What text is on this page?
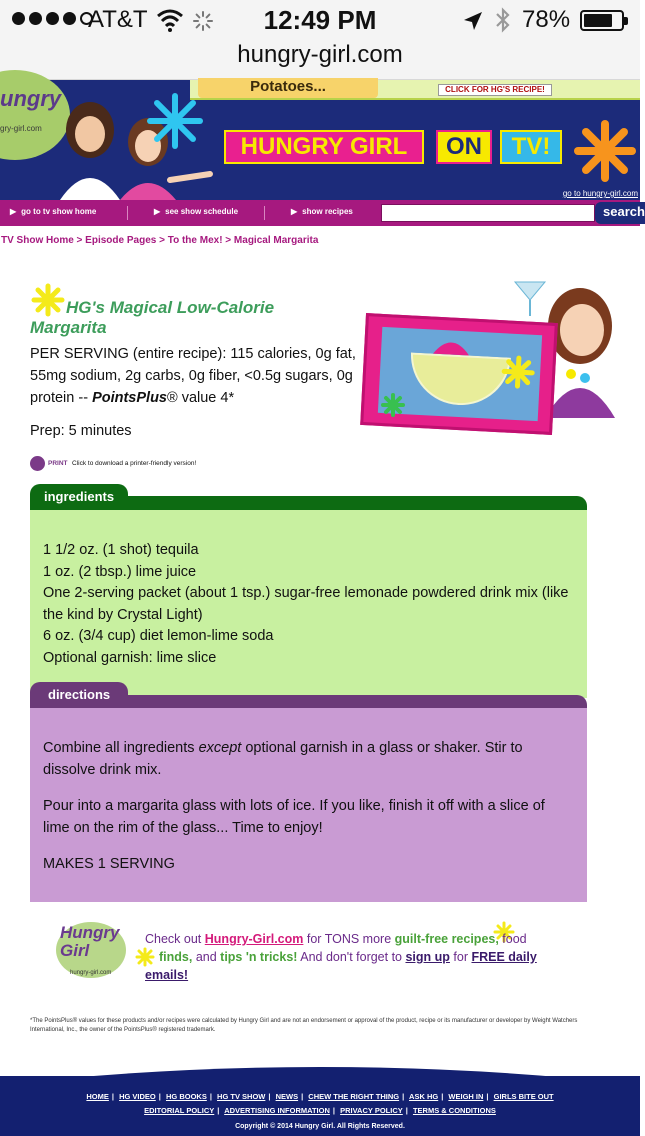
AT&T	12:49 PM	78%
hungry-girl.com
ungry
gry-girl.com
Potatoes...	CLICK FOR HG'S RECIPE!
HUNGRY GIRL	ON	TV!
go to hungry-girl.com
▶ go to tv show home	▶ see show schedule	▶ show recipes	search
TV Show Home > Episode Pages > To the Mex! > Magical Margarita
HG's Magical Low-Calorie
Margarita
PER SERVING (entire recipe): 115 calories, 0g fat, 55mg sodium, 2g carbs, 0g fiber, <0.5g sugars, 0g protein -- PointsPlus® value 4*
Prep: 5 minutes
PRINT Click to download a printer-friendly version!
ingredients
1 1/2 oz. (1 shot) tequila
1 oz. (2 tbsp.) lime juice
One 2-serving packet (about 1 tsp.) sugar-free lemonade powdered drink mix (like the kind by Crystal Light)
6 oz. (3/4 cup) diet lemon-lime soda
Optional garnish: lime slice
directions

Combine all ingredients except optional garnish in a glass or shaker. Stir to dissolve drink mix.

Pour into a margarita glass with lots of ice. If you like, finish it off with a slice of lime on the rim of the glass... Time to enjoy!

MAKES 1 SERVING

Hungry Girl
hungry-girl.com
Check out Hungry-Girl.com for TONS more guilt-free recipes, food
finds, and tips 'n tricks! And don't forget to sign up for FREE daily emails!
*The PointsPlus® values for these products and/or recipes were calculated by Hungry Girl and are not an endorsement or approval of the product, recipe or its manufacturer or developer by Weight Watchers International, Inc., the owner of the PointsPlus® registered trademark.
HOME | HG VIDEO | HG BOOKS | HG TV SHOW | NEWS | CHEW THE RIGHT THING | ASK HG | WEIGH IN | GIRLS BITE OUT
EDITORIAL POLICY | ADVERTISING INFORMATION | PRIVACY POLICY | TERMS & CONDITIONS
Copyright © 2014 Hungry Girl. All Rights Reserved.
